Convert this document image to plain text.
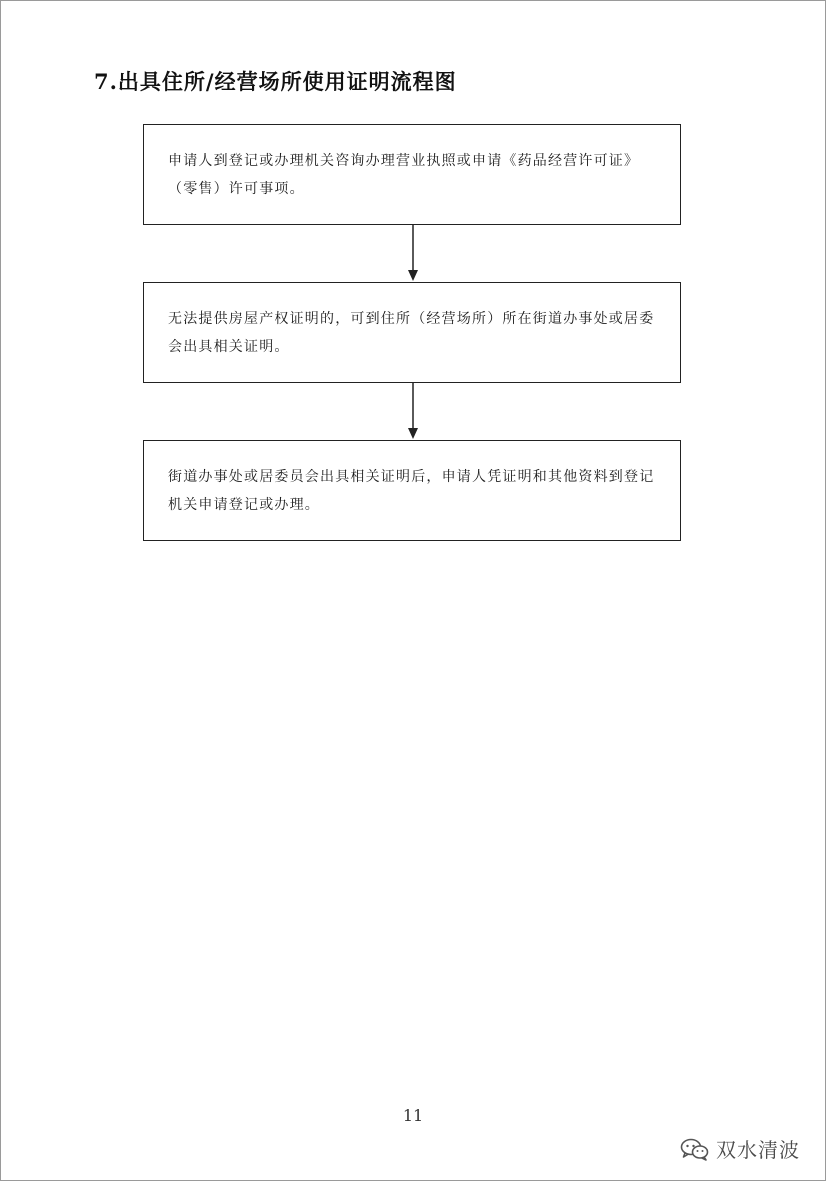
7.出具住所/经营场所使用证明流程图
申请人到登记或办理机关咨询办理营业执照或申请《药品经营许可证》（零售）许可事项。
无法提供房屋产权证明的，可到住所（经营场所）所在街道办事处或居委会出具相关证明。
街道办事处或居委员会出具相关证明后，申请人凭证明和其他资料到登记机关申请登记或办理。
11
双水清波
